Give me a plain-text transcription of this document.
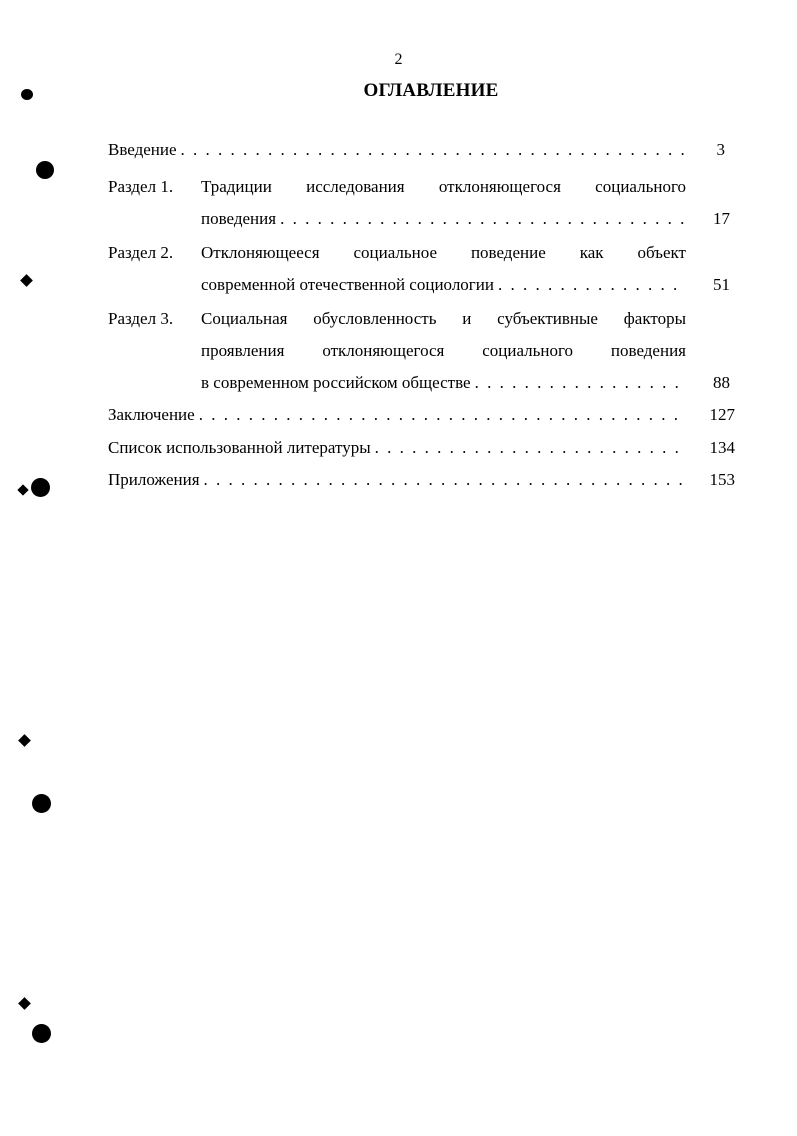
2
ОГЛАВЛЕНИЕ
Введение . . .	3
Раздел 1. Традиции исследования отклоняющегося социального
поведения . . .	17
Раздел 2. Отклоняющееся социальное поведение как объект
современной отечественной социологии . . .	51
Раздел 3. Социальная обусловленность и субъективные факторы
проявления отклоняющегося социального поведения
в современном российском обществе . . .	88
Заключение . . .	127
Список использованной литературы . . .	134
Приложения . . .	153
